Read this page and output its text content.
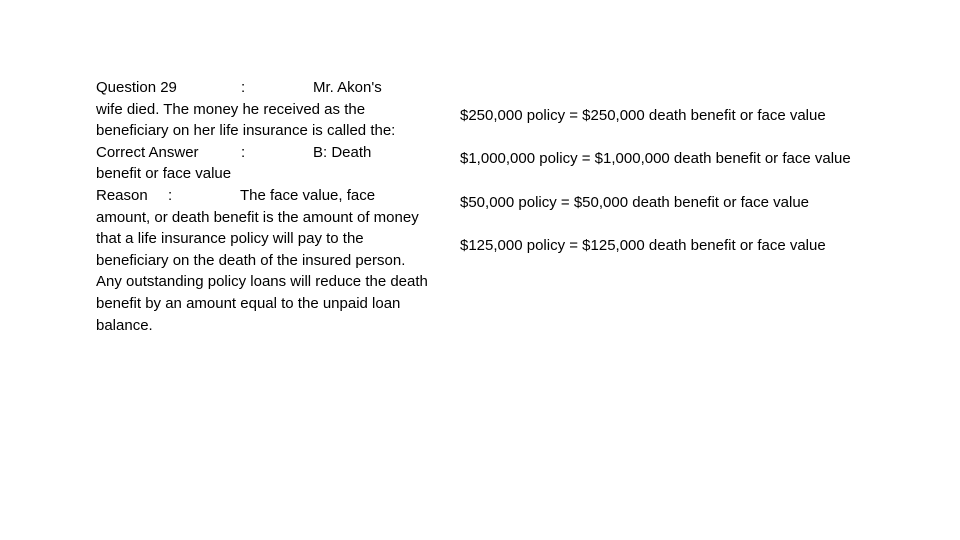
Question 29	:	Mr. Akon's
wife died. The money he received as the beneficiary on her life insurance is called the:
Correct Answer	:	B: Death
benefit or face value
Reason :	The face value, face
amount, or death benefit is the amount of money that a life insurance policy will pay to the beneficiary on the death of the insured person. Any outstanding policy loans will reduce the death benefit by an amount equal to the unpaid loan balance.
$250,000 policy = $250,000 death benefit or face value
$1,000,000 policy = $1,000,000 death benefit or face value
$50,000 policy = $50,000 death benefit or face value
$125,000 policy = $125,000 death benefit or face value
